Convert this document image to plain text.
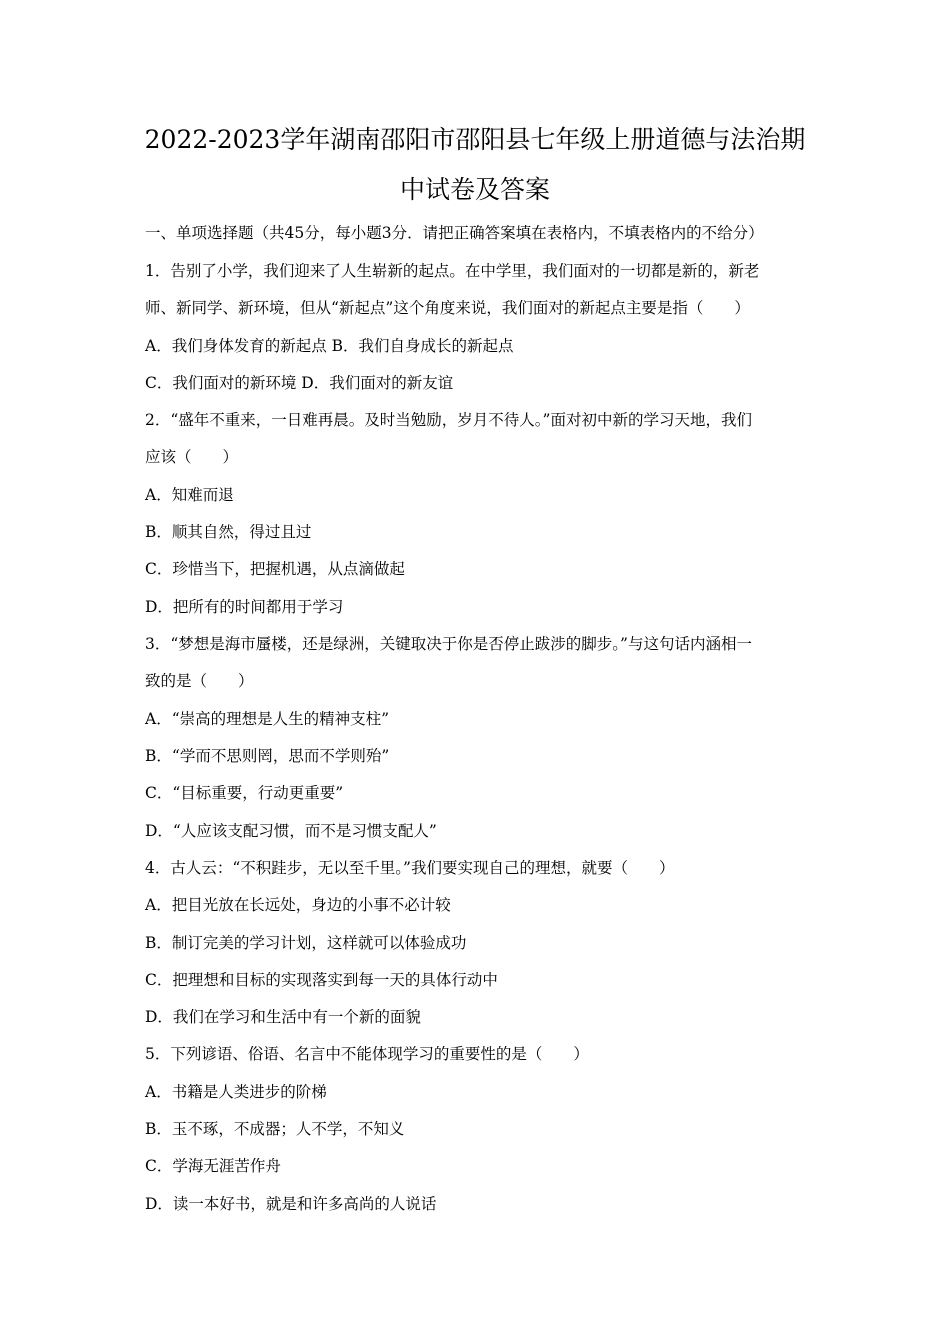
2022-2023学年湖南邵阳市邵阳县七年级上册道德与法治期
中试卷及答案
一、单项选择题（共45分，每小题3分．请把正确答案填在表格内，不填表格内的不给分）
1．告别了小学，我们迎来了人生崭新的起点。在中学里，我们面对的一切都是新的，新老
师、新同学、新环境，但从“新起点”这个角度来说，我们面对的新起点主要是指（　　）
A．我们身体发育的新起点 B．我们自身成长的新起点
C．我们面对的新环境 D．我们面对的新友谊
2．“盛年不重来，一日难再晨。及时当勉励，岁月不待人。”面对初中新的学习天地，我们
应该（　　）
A．知难而退
B．顺其自然，得过且过
C．珍惜当下，把握机遇，从点滴做起
D．把所有的时间都用于学习
3．“梦想是海市蜃楼，还是绿洲，关键取决于你是否停止跋涉的脚步。”与这句话内涵相一
致的是（　　）
A．“崇高的理想是人生的精神支柱”
B．“学而不思则罔，思而不学则殆”
C．“目标重要，行动更重要”
D．“人应该支配习惯，而不是习惯支配人”
4．古人云：“不积跬步，无以至千里。”我们要实现自己的理想，就要（　　）
A．把目光放在长远处，身边的小事不必计较
B．制订完美的学习计划，这样就可以体验成功
C．把理想和目标的实现落实到每一天的具体行动中
D．我们在学习和生活中有一个新的面貌
5．下列谚语、俗语、名言中不能体现学习的重要性的是（　　）
A．书籍是人类进步的阶梯
B．玉不琢，不成器；人不学，不知义
C．学海无涯苦作舟
D．读一本好书，就是和许多高尚的人说话
